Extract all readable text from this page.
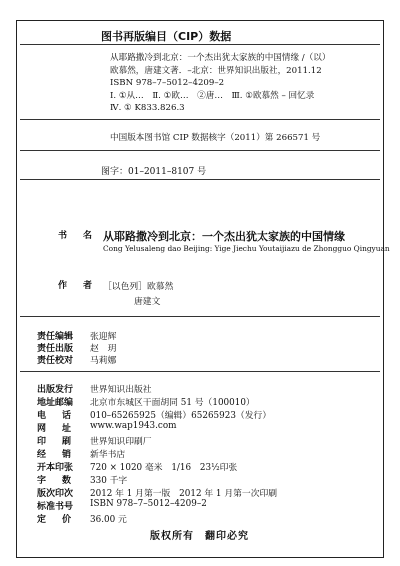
图书再版编目（CIP）数据
从耶路撒冷到北京：一个杰出犹太家族的中国情缘 /（以）
欧慕然，唐建文著．–北京：世界知识出版社，2011.12
ISBN 978–7–5012–4209–2
Ⅰ. ①从…　Ⅱ. ①欧…　②唐…　Ⅲ. ①欧慕然 – 回忆录
Ⅳ. ① K833.826.3
中国版本图书馆 CIP 数据核字（2011）第 266571 号
图字：01–2011–8107 号
书名
从耶路撒冷到北京：一个杰出犹太家族的中国情缘
Cong Yelusaleng dao Beijing: Yige Jiechu Youtaijiazu de Zhongguo Qingyuan
作者
［以色列］欧慕然
唐建文
责任编辑 张迎辉
责任出版 赵　玥
责任校对 马莉娜
出版发行
地址邮编
电话
网址
印刷
经销
开本印张
字数
版次印次
标准书号
定价
世界知识出版社
北京市东城区干面胡同 51 号（100010）
010–65265925（编辑）65265923（发行）
www.wap1943.com
世界知识印刷厂
新华书店
720 × 1020 毫米　1/16　23½印张
330 千字
2012 年 1 月第一版　2012 年 1 月第一次印刷
ISBN 978–7–5012–4209–2
36.00 元
版权所有　翻印必究
